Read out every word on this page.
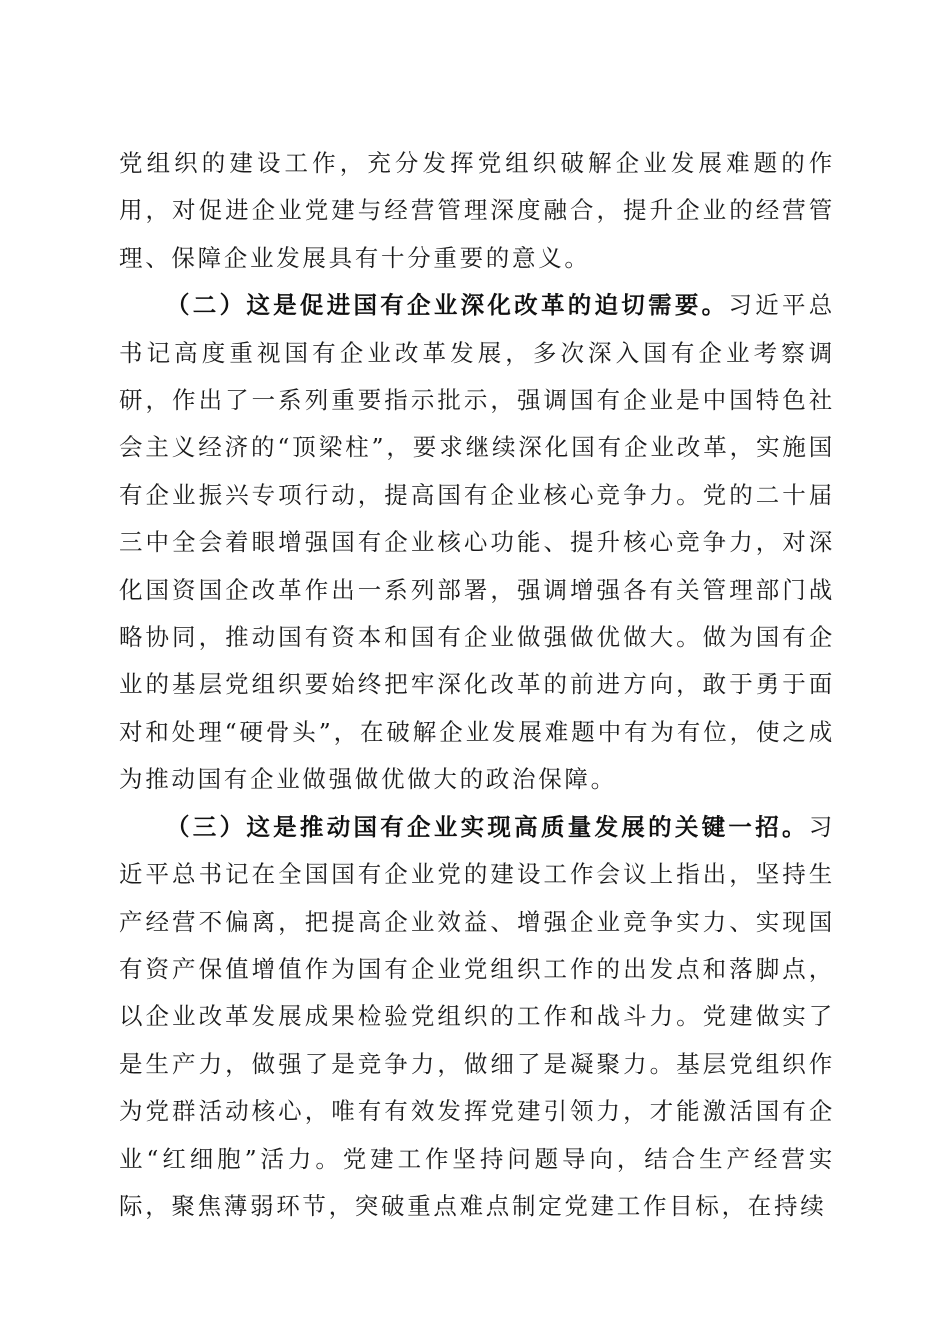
党组织的建设工作，充分发挥党组织破解企业发展难题的作用，对促进企业党建与经营管理深度融合，提升企业的经营管理、保障企业发展具有十分重要的意义。

（二）这是促进国有企业深化改革的迫切需要。习近平总书记高度重视国有企业改革发展，多次深入国有企业考察调研，作出了一系列重要指示批示，强调国有企业是中国特色社会主义经济的“顶梁柱”，要求继续深化国有企业改革，实施国有企业振兴专项行动，提高国有企业核心竞争力。党的二十届三中全会着眼增强国有企业核心功能、提升核心竞争力，对深化国资国企改革作出一系列部署，强调增强各有关管理部门战略协同，推动国有资本和国有企业做强做优做大。做为国有企业的基层党组织要始终把牢深化改革的前进方向，敢于勇于面对和处理“硬骨头”，在破解企业发展难题中有为有位，使之成为推动国有企业做强做优做大的政治保障。

（三）这是推动国有企业实现高质量发展的关键一招。习近平总书记在全国国有企业党的建设工作会议上指出，坚持生产经营不偏离，把提高企业效益、增强企业竞争实力、实现国有资产保值增值作为国有企业党组织工作的出发点和落脚点，以企业改革发展成果检验党组织的工作和战斗力。党建做实了是生产力，做强了是竞争力，做细了是凝聚力。基层党组织作为党群活动核心，唯有有效发挥党建引领力，才能激活国有企业“红细胞”活力。党建工作坚持问题导向，结合生产经营实际，聚焦薄弱环节，突破重点难点制定党建工作目标，在持续
